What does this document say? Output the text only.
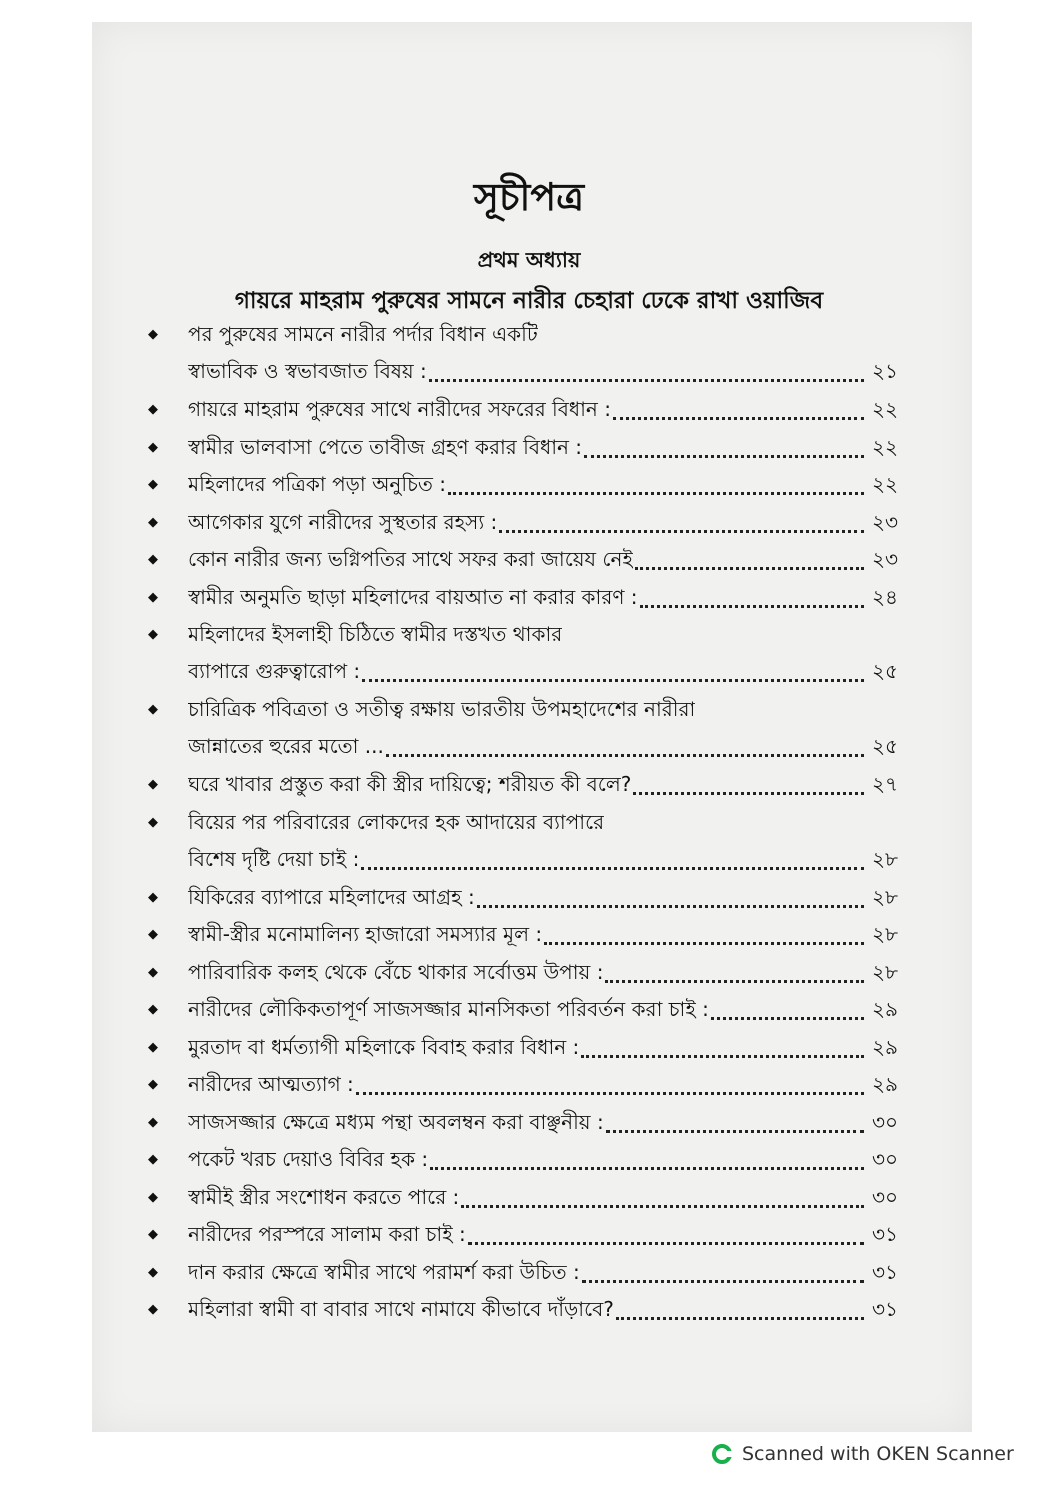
সূচীপত্র
প্রথম অধ্যায়
গায়রে মাহরাম পুরুষের সামনে নারীর চেহারা ঢেকে রাখা ওয়াজিব
◆ পর পুরুষের সামনে নারীর পর্দার বিধান একটি
স্বাভাবিক ও স্বভাবজাত বিষয় :	২১
◆ গায়রে মাহরাম পুরুষের সাথে নারীদের সফরের বিধান :	২২
◆ স্বামীর ভালবাসা পেতে তাবীজ গ্রহণ করার বিধান :	২২
◆ মহিলাদের পত্রিকা পড়া অনুচিত :	২২
◆ আগেকার যুগে নারীদের সুস্থতার রহস্য :	২৩
◆ কোন নারীর জন্য ভগ্নিপতির সাথে সফর করা জায়েয নেই	২৩
◆ স্বামীর অনুমতি ছাড়া মহিলাদের বায়আত না করার কারণ :	২৪
◆ মহিলাদের ইসলাহী চিঠিতে স্বামীর দস্তখত থাকার
ব্যাপারে গুরুত্বারোপ :	২৫
◆ চারিত্রিক পবিত্রতা ও সতীত্ব রক্ষায় ভারতীয় উপমহাদেশের নারীরা
জান্নাতের হুরের মতো ...	২৫
◆ ঘরে খাবার প্রস্তুত করা কী স্ত্রীর দায়িত্বে; শরীয়ত কী বলে?	২৭
◆ বিয়ের পর পরিবারের লোকদের হক আদায়ের ব্যাপারে
বিশেষ দৃষ্টি দেয়া চাই :	২৮
◆ যিকিরের ব্যাপারে মহিলাদের আগ্রহ :	২৮
◆ স্বামী-স্ত্রীর মনোমালিন্য হাজারো সমস্যার মূল :	২৮
◆ পারিবারিক কলহ থেকে বেঁচে থাকার সর্বোত্তম উপায় :	২৮
◆ নারীদের লৌকিকতাপূর্ণ সাজসজ্জার মানসিকতা পরিবর্তন করা চাই :	২৯
◆ মুরতাদ বা ধর্মত্যাগী মহিলাকে বিবাহ করার বিধান :	২৯
◆ নারীদের আত্মত্যাগ :	২৯
◆ সাজসজ্জার ক্ষেত্রে মধ্যম পন্থা অবলম্বন করা বাঞ্ছনীয় :	৩০
◆ পকেট খরচ দেয়াও বিবির হক :	৩০
◆ স্বামীই স্ত্রীর সংশোধন করতে পারে :	৩০
◆ নারীদের পরস্পরে সালাম করা চাই :	৩১
◆ দান করার ক্ষেত্রে স্বামীর সাথে পরামর্শ করা উচিত :	৩১
◆ মহিলারা স্বামী বা বাবার সাথে নামাযে কীভাবে দাঁড়াবে?	৩১
Scanned with OKEN Scanner
